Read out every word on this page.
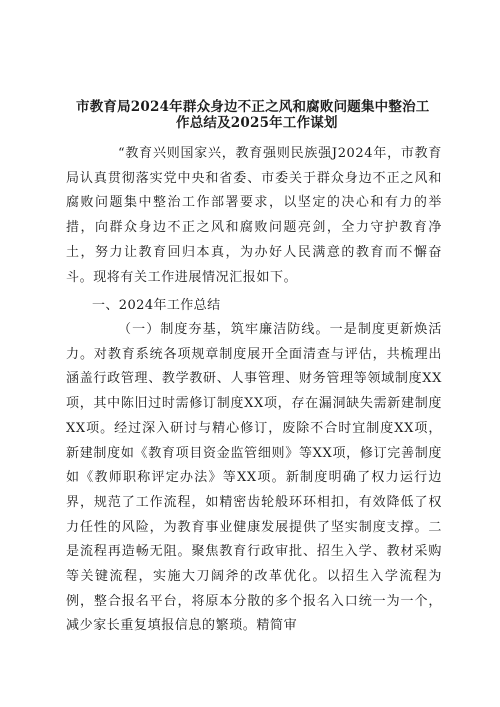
市教育局2024年群众身边不正之风和腐败问题集中整治工
作总结及2025年工作谋划
“教育兴则国家兴，教育强则民族强J2024年，市教育局认真贯彻落实党中央和省委、市委关于群众身边不正之风和腐败问题集中整治工作部署要求，以坚定的决心和有力的举措，向群众身边不正之风和腐败问题亮剑，全力守护教育净土，努力让教育回归本真，为办好人民满意的教育而不懈奋斗。现将有关工作进展情况汇报如下。
一、2024年工作总结
（一）制度夯基，筑牢廉洁防线。一是制度更新焕活力。对教育系统各项规章制度展开全面清查与评估，共梳理出涵盖行政管理、教学教研、人事管理、财务管理等领域制度XX项，其中陈旧过时需修订制度XX项，存在漏洞缺失需新建制度XX项。经过深入研讨与精心修订，废除不合时宜制度XX项，新建制度如《教育项目资金监管细则》等XX项，修订完善制度如《教师职称评定办法》等XX项。新制度明确了权力运行边界，规范了工作流程，如精密齿轮般环环相扣，有效降低了权力任性的风险，为教育事业健康发展提供了坚实制度支撑。二是流程再造畅无阻。聚焦教育行政审批、招生入学、教材采购等关键流程，实施大刀阔斧的改革优化。以招生入学流程为例，整合报名平台，将原本分散的多个报名入口统一为一个，减少家长重复填报信息的繁琐。精简审
